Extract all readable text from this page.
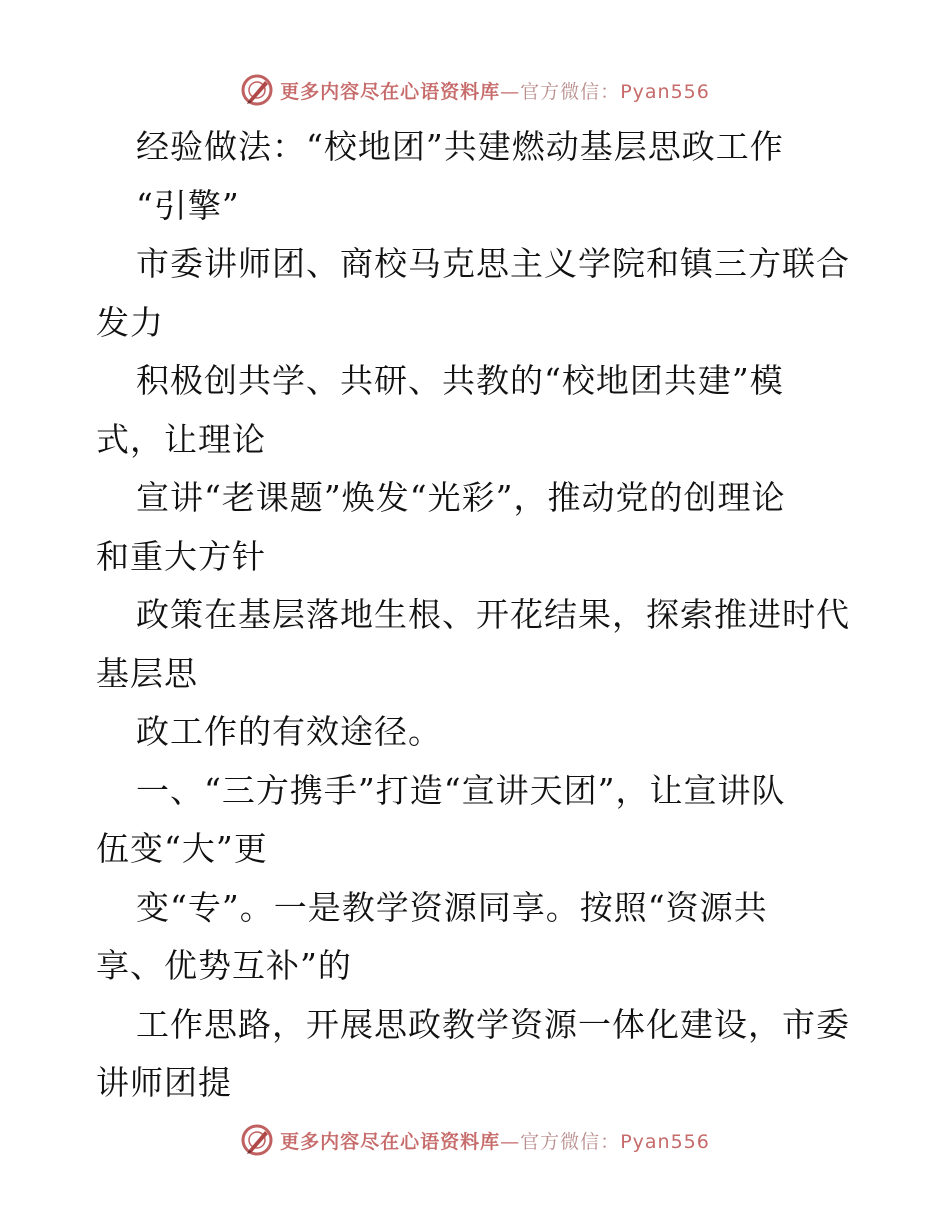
更多内容尽在心语资料库—官方微信：Pyan556
经验做法：“校地团”共建燃动基层思政工作
“引擎”
市委讲师团、商校马克思主义学院和镇三方联合
发力
积极创共学、共研、共教的“校地团共建”模
式，让理论
宣讲“老课题”焕发“光彩”，推动党的创理论
和重大方针
政策在基层落地生根、开花结果，探索推进时代
基层思
政工作的有效途径。
一、“三方携手”打造“宣讲天团”，让宣讲队
伍变“大”更
变“专”。一是教学资源同享。按照“资源共
享、优势互补”的
工作思路，开展思政教学资源一体化建设，市委
讲师团提
更多内容尽在心语资料库—官方微信：Pyan556
